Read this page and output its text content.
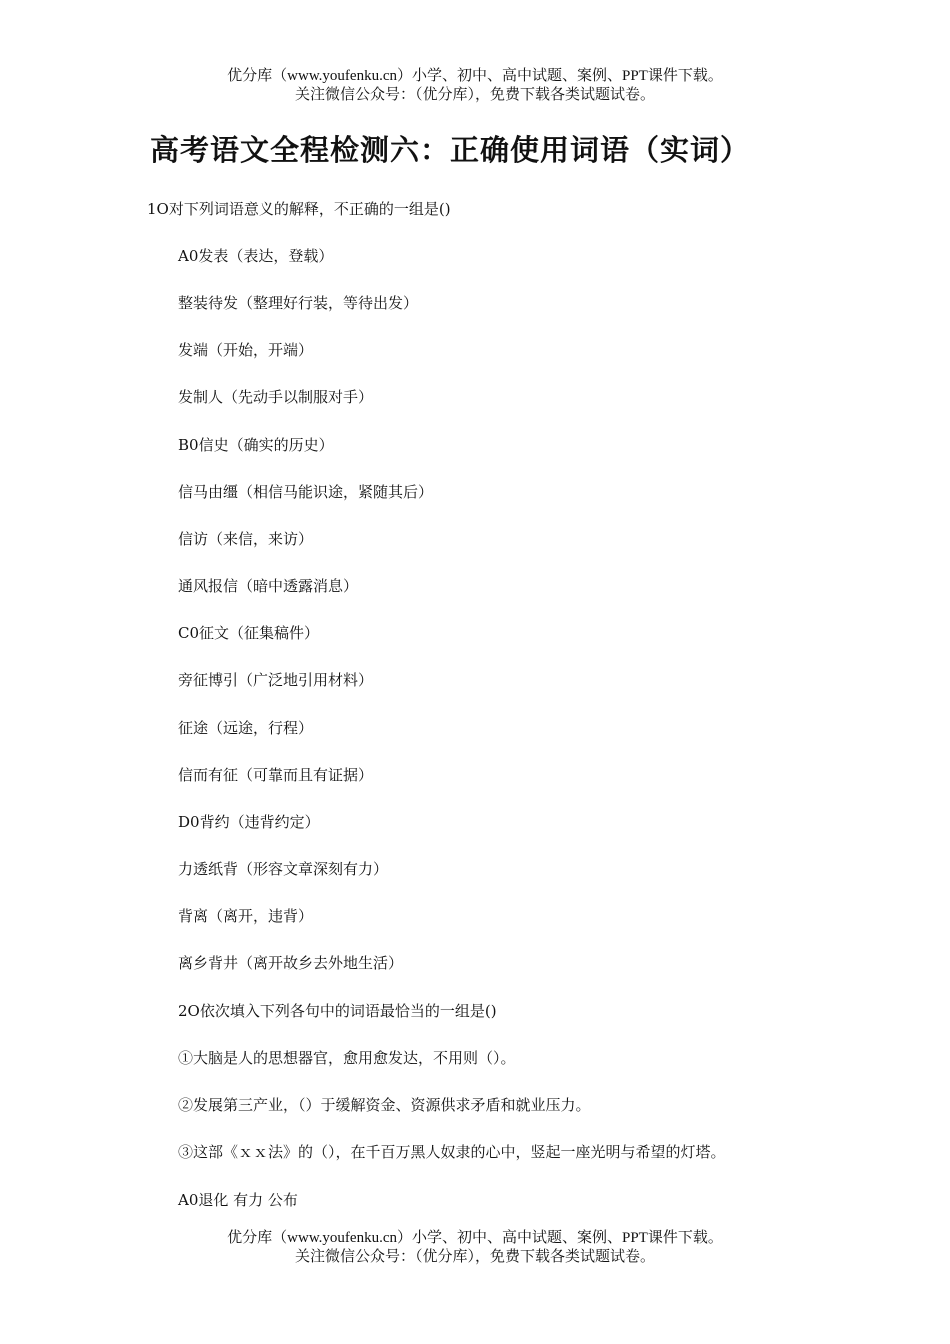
优分库（www.youfenku.cn）小学、初中、高中试题、案例、PPT课件下载。
关注微信公众号：（优分库），免费下载各类试题试卷。
高考语文全程检测六：正确使用词语（实词）
1O对下列词语意义的解释，不正确的一组是()
A0发表（表达，登载）
整装待发（整理好行装，等待出发）
发端（开始，开端）
发制人（先动手以制服对手）
B0信史（确实的历史）
信马由缰（相信马能识途，紧随其后）
信访（来信，来访）
通风报信（暗中透露消息）
C0征文（征集稿件）
旁征博引（广泛地引用材料）
征途（远途，行程）
信而有征（可靠而且有证据）
D0背约（违背约定）
力透纸背（形容文章深刻有力）
背离（离开，违背）
离乡背井（离开故乡去外地生活）
2O依次填入下列各句中的词语最恰当的一组是()
①大脑是人的思想器官，愈用愈发达，不用则（）。
②发展第三产业，（）于缓解资金、资源供求矛盾和就业压力。
③这部《ｘｘ法》的（），在千百万黑人奴隶的心中，竖起一座光明与希望的灯塔。
A0退化 有力 公布
优分库（www.youfenku.cn）小学、初中、高中试题、案例、PPT课件下载。
关注微信公众号：（优分库），免费下载各类试题试卷。
